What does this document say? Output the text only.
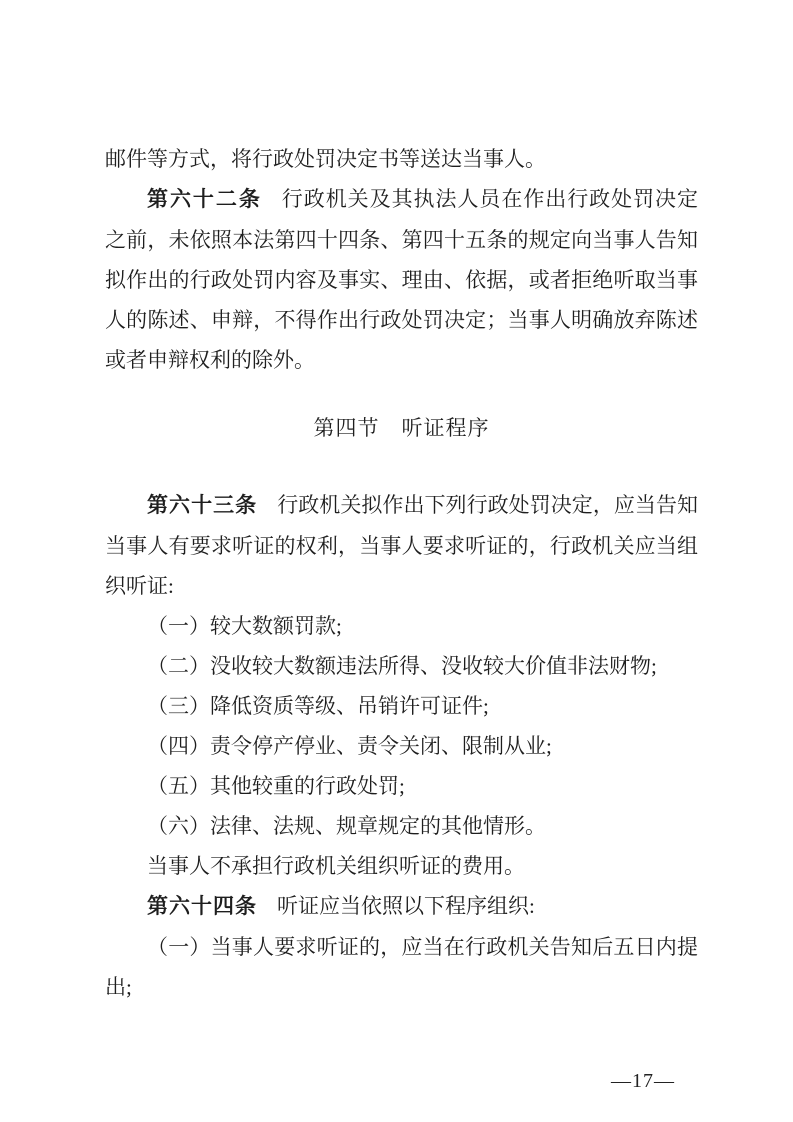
邮件等方式，将行政处罚决定书等送达当事人。
第六十二条 行政机关及其执法人员在作出行政处罚决定
之前，未依照本法第四十四条、第四十五条的规定向当事人告知
拟作出的行政处罚内容及事实、理由、依据，或者拒绝听取当事
人的陈述、申辩，不得作出行政处罚决定；当事人明确放弃陈述
或者申辩权利的除外。
第四节　听证程序
第六十三条 行政机关拟作出下列行政处罚决定，应当告知
当事人有要求听证的权利，当事人要求听证的，行政机关应当组
织听证:
（一）较大数额罚款;
（二）没收较大数额违法所得、没收较大价值非法财物;
（三）降低资质等级、吊销许可证件;
（四）责令停产停业、责令关闭、限制从业;
（五）其他较重的行政处罚;
（六）法律、法规、规章规定的其他情形。
当事人不承担行政机关组织听证的费用。
第六十四条 听证应当依照以下程序组织:
（一）当事人要求听证的，应当在行政机关告知后五日内提
出;
—17—
